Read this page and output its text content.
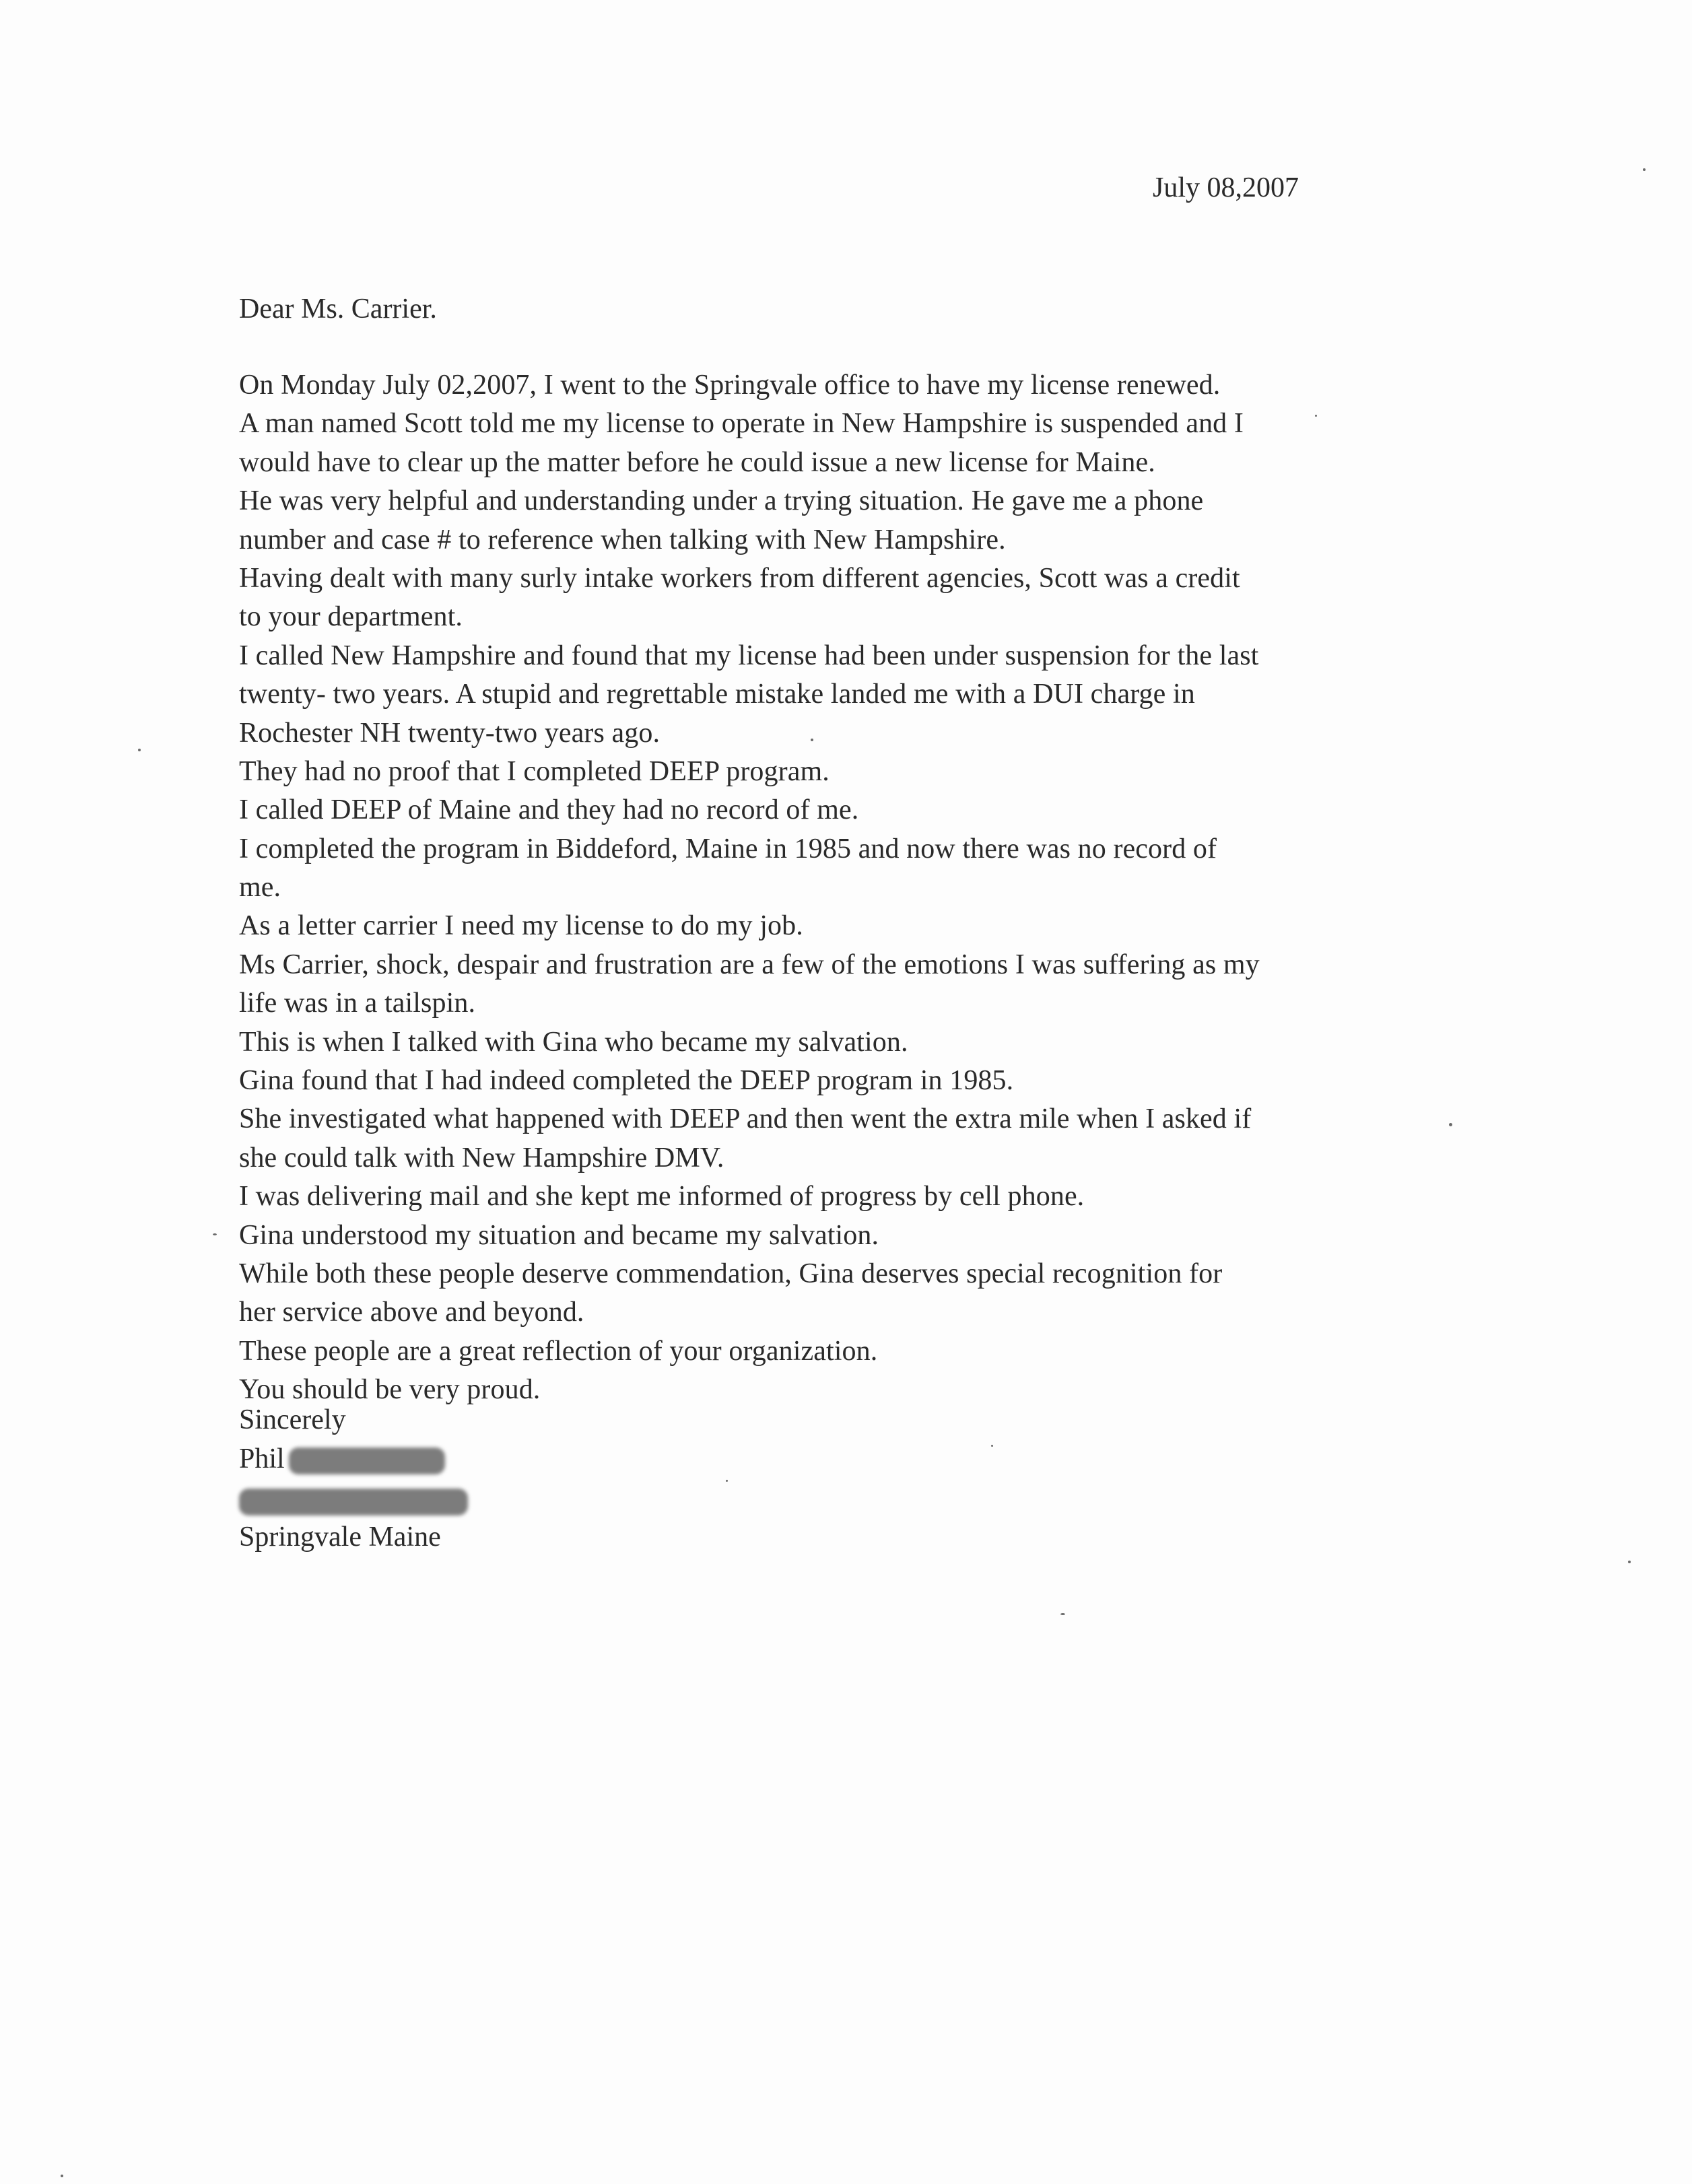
July 08,2007
Dear Ms. Carrier.
On Monday July 02,2007, I went to the Springvale office to have my license renewed.
A man named Scott told me my license to operate in New Hampshire is suspended and I
would have to clear up the matter before he could issue a new license for Maine.
He was very helpful and understanding under a trying situation. He gave me a phone
number and case # to reference when talking with New Hampshire.
Having dealt with many surly intake workers from different agencies, Scott was a credit
to your department.
I called New Hampshire and found that my license had been under suspension for the last
twenty- two years. A stupid and regrettable mistake landed me with a DUI charge in
Rochester NH twenty-two years ago.
They had no proof that I completed DEEP program.
I called DEEP of Maine and they had no record of me.
I completed the program in Biddeford, Maine in 1985 and now there was no record of
me.
As a letter carrier I need my license to do my job.
Ms Carrier, shock, despair and frustration are a few of the emotions I was suffering as my
life was in a tailspin.
This is when I talked with Gina who became my salvation.
Gina found that I had indeed completed the DEEP program in 1985.
She investigated what happened with DEEP and then went the extra mile when I asked if
she could talk with New Hampshire DMV.
I was delivering mail and she kept me informed of progress by cell phone.
Gina understood my situation and became my salvation.
While both these people deserve commendation, Gina deserves special recognition for
her service above and beyond.
These people are a great reflection of your organization.
You should be very proud.
Sincerely
Phil
Springvale Maine
